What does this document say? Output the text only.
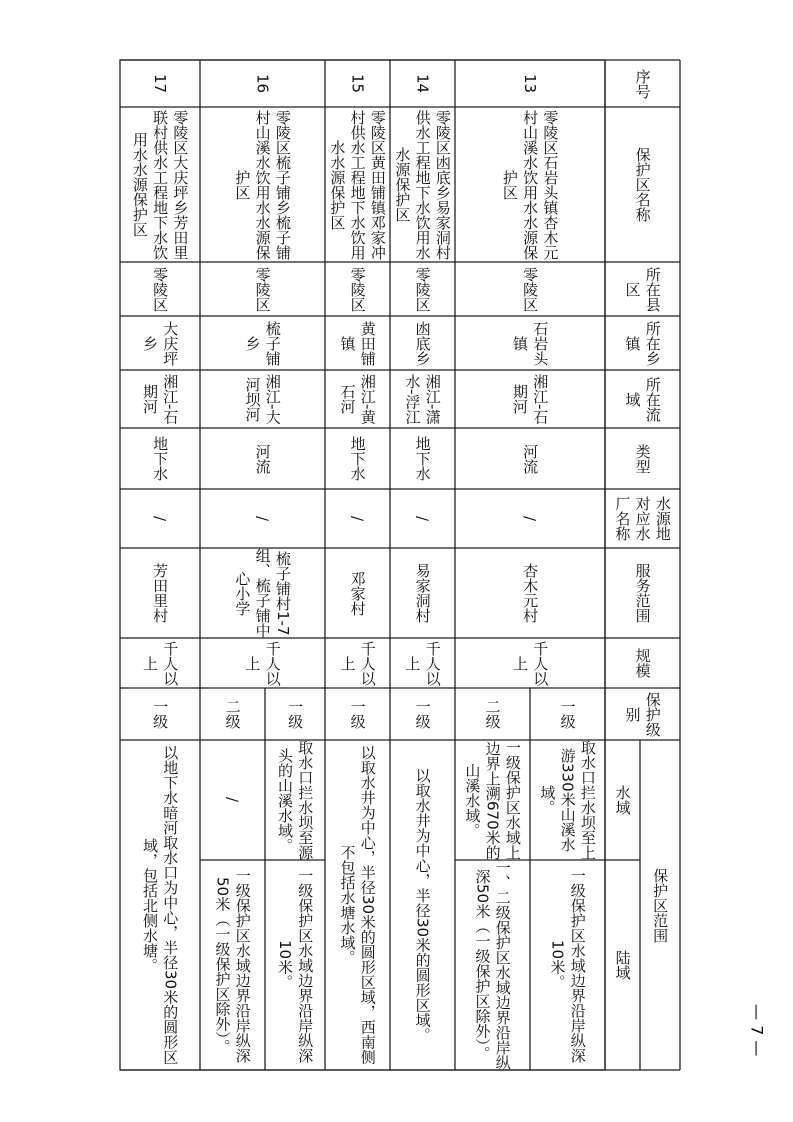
序号
保护区名称
所在县区
所在乡镇
所在流域
类型
水源地对应水厂名称
服务范围
规模
保护级别
保护区范围
水域
陆域
13
零陵区石岩头镇杏木元村山溪水饮用水水源保护区
零陵区
石岩头镇
湘江-石期河
河流
/
杏木元村
千人以上
一级
取水口拦水坝至上游330米山溪水域。
一级保护区水域边界沿岸纵深10米。
二级
一级保护区水域上边界上溯670米的山溪水域。
一、二级保护区水域边界沿岸纵深50米（一级保护区除外）。
14
零陵区凼底乡易家洞村供水工程地下水饮用水水源保护区
零陵区
凼底乡
湘江-潇水-浮江
地下水
/
易家洞村
千人以上
一级
以取水井为中心，半径30米的圆形区域。
15
零陵区黄田铺镇邓家冲村供水工程地下水饮用水水源保护区
零陵区
黄田铺镇
湘江-黄石河
地下水
/
邓家村
千人以上
一级
以取水井为中心，半径30米的圆形区域，西南侧不包括水塘水域。
16
零陵区梳子铺乡梳子铺村山溪水饮用水水源保护区
零陵区
梳子铺乡
湘江-大河坝河
河流
/
梳子铺村1-7组、梳子铺中心小学
千人以上
一级
取水口拦水坝至源头的山溪水域。
一级保护区水域边界沿岸纵深10米。
二级
/
一级保护区水域边界沿岸纵深50米（一级保护区除外）。
17
零陵区大庆坪乡芳田里联村供水工程地下水饮用水水源保护区
零陵区
大庆坪乡
湘江-石期河
地下水
/
芳田里村
千人以上
一级
以地下水暗河取水口为中心，半径30米的圆形区域，包括北侧水塘。
— 7 —
